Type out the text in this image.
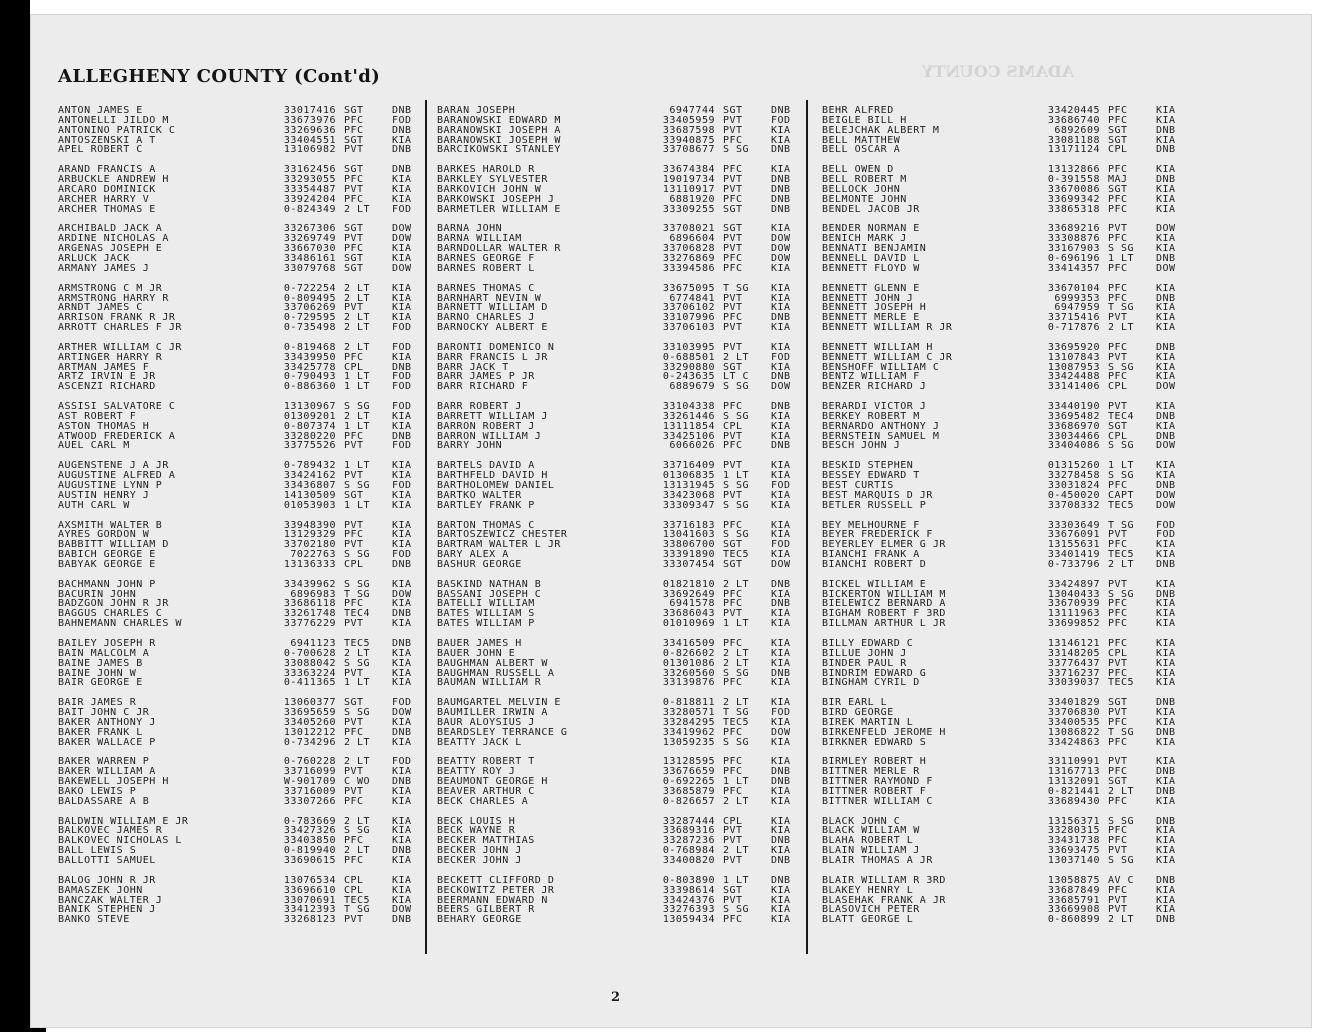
ALLEGHENY COUNTY (Cont'd)	ADAMS COUNTY
ANTON JAMES E	33017416 SGT	DNB
ANTONELLI JILDO M	33673976 PFC	FOD
ANTONINO PATRICK C	33269636 PFC	DNB
ANTOSZENSKI A T	33404551 SGT	KIA
APEL ROBERT C	13106982 PVT	DNB
ARAND FRANCIS A	33162456 SGT	DNB
ARBUCKLE ANDREW H	33293055 PFC	KIA
ARCARO DOMINICK	33354487 PVT	KIA
ARCHER HARRY V	33924204 PFC	KIA
ARCHER THOMAS E	0-824349 2 LT	FOD
ARCHIBALD JACK A	33267306 SGT	DOW
ARDINE NICHOLAS A	33269749 PVT	DOW
ARGENAS JOSEPH E	33667030 PFC	KIA
ARLUCK JACK	33486161 SGT	KIA
ARMANY JAMES J	33079768 SGT	DOW
ARMSTRONG C M JR	0-722254 2 LT	KIA
ARMSTRONG HARRY R	0-809495 2 LT	KIA
ARNDT JAMES C	33706269 PVT	KIA
ARRISON FRANK R JR	0-729595 2 LT	KIA
ARROTT CHARLES F JR	0-735498 2 LT	FOD
ARTHER WILLIAM C JR	0-819468 2 LT	FOD
ARTINGER HARRY R	33439950 PFC	KIA
ARTMAN JAMES F	33425778 CPL	DNB
ARTZ IRVIN E JR	0-790493 1 LT	FOD
ASCENZI RICHARD	0-886360 1 LT	FOD
ASSISI SALVATORE C	13130967 S SG	FOD
AST ROBERT F	01309201 2 LT	KIA
ASTON THOMAS H	0-807374 1 LT	KIA
ATWOOD FREDERICK A	33280220 PFC	DNB
AUEL CARL M	33775526 PVT	FOD
AUGENSTENE J A JR	0-789432 1 LT	KIA
AUGUSTINE ALFRED A	33424162 PVT	KIA
AUGUSTINE LYNN P	33436807 S SG	FOD
AUSTIN HENRY J	14130509 SGT	KIA
AUTH CARL W	01053903 1 LT	KIA
AXSMITH WALTER B	33948390 PVT	KIA
AYRES GORDON W	13129329 PFC	KIA
BABBITT WILLIAM D	33702180 PVT	KIA
BABICH GEORGE E	7022763 S SG	FOD
BABYAK GEORGE E	13136333 CPL	DNB
BACHMANN JOHN P	33439962 S SG	KIA
BACURIN JOHN	6896983 T SG	DOW
BADZGON JOHN R JR	33686118 PFC	KIA
BAGGUS CHARLES C	33261748 TEC4	DNB
BAHNEMANN CHARLES W	33776229 PVT	KIA
BAILEY JOSEPH R	6941123 TEC5	DNB
BAIN MALCOLM A	0-700628 2 LT	KIA
BAINE JAMES B	33088042 S SG	KIA
BAINE JOHN W	33363224 PVT	KIA
BAIR GEORGE E	0-411365 1 LT	KIA
BAIR JAMES R	13060377 SGT	FOD
BAIT JOHN C JR	33695659 S SG	DOW
BAKER ANTHONY J	33405260 PVT	KIA
BAKER FRANK L	13012212 PFC	DNB
BAKER WALLACE P	0-734296 2 LT	KIA
BAKER WARREN P	0-760228 2 LT	FOD
BAKER WILLIAM A	33716099 PVT	KIA
BAKEWELL JOSEPH H	W-901709 C WO	DNB
BAKO LEWIS P	33716009 PVT	KIA
BALDASSARE A B	33307266 PFC	KIA
BALDWIN WILLIAM E JR	0-783669 2 LT	KIA
BALKOVEC JAMES R	33427326 S SG	KIA
BALKOVEC NICHOLAS L	33403850 PFC	KIA
BALL LEWIS S	0-819940 2 LT	DNB
BALLOTTI SAMUEL	33690615 PFC	KIA
BALOG JOHN R JR	13076534 CPL	KIA
BAMASZEK JOHN	33696610 CPL	KIA
BANCZAK WALTER J	33070691 TEC5	KIA
BANIK STEPHEN J	33412393 T SG	DOW
BANKO STEVE	33268123 PVT	DNB
BARAN JOSEPH	6947744 SGT	DNB
BARANOWSKI EDWARD M	33405959 PVT	FOD
BARANOWSKI JOSEPH A	33687598 PVT	KIA
BARANOWSKI JOSEPH W	33940875 PFC	KIA
BARCIKOWSKI STANLEY	33708677 S SG	DNB
BARKES HAROLD R	33674384 PFC	KIA
BARKLEY SYLVESTER	19019734 PVT	DNB
BARKOVICH JOHN W	13110917 PVT	DNB
BARKOWSKI JOSEPH J	6881920 PFC	DNB
BARMETLER WILLIAM E	33309255 SGT	DNB
BARNA JOHN	33708021 SGT	KIA
BARNA WILLIAM	6896604 PVT	DOW
BARNDOLLAR WALTER R	33706828 PVT	DOW
BARNES GEORGE F	33276869 PFC	DOW
BARNES ROBERT L	33394586 PFC	KIA
BARNES THOMAS C	33675095 T SG	KIA
BARNHART NEVIN W	6774841 PVT	KIA
BARNETT WILLIAM D	33706102 PVT	KIA
BARNO CHARLES J	33107996 PFC	DNB
BARNOCKY ALBERT E	33706103 PVT	KIA
BARONTI DOMENICO N	33103995 PVT	KIA
BARR FRANCIS L JR	0-688501 2 LT	FOD
BARR JACK T	33290880 SGT	KIA
BARR JAMES P JR	0-243635 LT C	DNB
BARR RICHARD F	6889679 S SG	DOW
BARR ROBERT J	33104338 PFC	DNB
BARRETT WILLIAM J	33261446 S SG	KIA
BARRON ROBERT J	13111854 CPL	KIA
BARRON WILLIAM J	33425106 PVT	KIA
BARRY JOHN	6066026 PFC	DNB
BARTELS DAVID A	33716409 PVT	KIA
BARTHFELD DAVID H	01306835 1 LT	KIA
BARTHOLOMEW DANIEL	13131945 S SG	FOD
BARTKO WALTER	33423068 PVT	KIA
BARTLEY FRANK P	33309347 S SG	KIA
BARTON THOMAS C	33716183 PFC	KIA
BARTOSZEWICZ CHESTER	13041603 S SG	KIA
BARTRAM WALTER L JR	33806700 SGT	FOD
BARY ALEX A	33391890 TEC5	KIA
BASHUR GEORGE	33307454 SGT	DOW
BASKIND NATHAN B	01821810 2 LT	DNB
BASSANI JOSEPH C	33692649 PFC	KIA
BATELLI WILLIAM	6941578 PFC	DNB
BATES WILLIAM S	33686043 PVT	KIA
BATES WILLIAM P	01010969 1 LT	KIA
BAUER JAMES H	33416509 PFC	KIA
BAUER JOHN E	0-826602 2 LT	KIA
BAUGHMAN ALBERT W	01301086 2 LT	KIA
BAUGHMAN RUSSELL A	33260560 S SG	DNB
BAUMAN WILLIAM R	33139876 PFC	KIA
BAUMGARTEL MELVIN E	0-818811 2 LT	KIA
BAUMILLER IRWIN A	33280571 T SG	FOD
BAUR ALOYSIUS J	33284295 TEC5	KIA
BEARDSLEY TERRANCE G	33419962 PFC	DOW
BEATTY JACK L	13059235 S SG	KIA
BEATTY ROBERT T	13128595 PFC	KIA
BEATTY ROY J	33676659 PFC	DNB
BEAUMONT GEORGE H	0-692265 1 LT	DNB
BEAVER ARTHUR C	33685879 PFC	KIA
BECK CHARLES A	0-826657 2 LT	KIA
BECK LOUIS H	33287444 CPL	KIA
BECK WAYNE R	33689316 PVT	KIA
BECKER MATTHIAS	33287236 PVT	DNB
BECKER JOHN J	0-768984 2 LT	KIA
BECKER JOHN J	33400820 PVT	DNB
BECKETT CLIFFORD D	0-803890 1 LT	DNB
BECKOWITZ PETER JR	33398614 SGT	KIA
BEERMANN EDWARD N	33424376 PVT	KIA
BEERS GILBERT R	33276393 S SG	KIA
BEHARY GEORGE	13059434 PFC	KIA
BEHR ALFRED	33420445 PFC	KIA
BEIGLE BILL H	33686740 PFC	KIA
BELEJCHAK ALBERT M	6892609 SGT	DNB
BELL MATTHEW	33081188 SGT	KIA
BELL OSCAR A	13171124 CPL	DNB
BELL OWEN D	13132866 PFC	KIA
BELL ROBERT M	0-391558 MAJ	DNB
BELLOCK JOHN	33670086 SGT	KIA
BELMONTE JOHN	33699342 PFC	KIA
BENDEL JACOB JR	33865318 PFC	KIA
BENDER NORMAN E	33689216 PVT	DOW
BENICH MARK J	33308876 PFC	KIA
BENNATI BENJAMIN	33167903 S SG	KIA
BENNELL DAVID L	0-696196 1 LT	DNB
BENNETT FLOYD W	33414357 PFC	DOW
BENNETT GLENN E	33670104 PFC	KIA
BENNETT JOHN J	6999353 PFC	DNB
BENNETT JOSEPH H	6947959 T SG	KIA
BENNETT MERLE E	33715416 PVT	KIA
BENNETT WILLIAM R JR	0-717876 2 LT	KIA
BENNETT WILLIAM H	33695920 PFC	DNB
BENNETT WILLIAM C JR	13107843 PVT	KIA
BENSHOFF WILLIAM C	13087953 S SG	KIA
BENTZ WILLIAM F	33424488 PFC	KIA
BENZER RICHARD J	33141406 CPL	DOW
BERARDI VICTOR J	33440190 PVT	KIA
BERKEY ROBERT M	33695482 TEC4	DNB
BERNARDO ANTHONY J	33686970 SGT	KIA
BERNSTEIN SAMUEL M	33034466 CPL	DNB
BESCH JOHN J	33404086 S SG	DOW
BESKID STEPHEN	01315260 1 LT	KIA
BESSEY EDWARD T	33278458 S SG	KIA
BEST CURTIS	33031824 PFC	DNB
BEST MARQUIS D JR	0-450020 CAPT	DOW
BETLER RUSSELL P	33708332 TEC5	DOW
BEY MELHOURNE F	33303649 T SG	FOD
BEYER FREDERICK F	33676091 PVT	FOD
BEYERLEY ELMER G JR	13155631 PFC	KIA
BIANCHI FRANK A	33401419 TEC5	KIA
BIANCHI ROBERT D	0-733796 2 LT	DNB
BICKEL WILLIAM E	33424897 PVT	KIA
BICKERTON WILLIAM M	13040433 S SG	DNB
BIELEWICZ BERNARD A	33670939 PFC	KIA
BIGHAM ROBERT F 3RD	13111963 PFC	KIA
BILLMAN ARTHUR L JR	33699852 PFC	KIA
BILLY EDWARD C	13146121 PFC	KIA
BILLUE JOHN J	33148205 CPL	KIA
BINDER PAUL R	33776437 PVT	KIA
BINDRIM EDWARD G	33716237 PFC	KIA
BINGHAM CYRIL D	33039037 TEC5	KIA
BIR EARL L	33401829 SGT	DNB
BIRD GEORGE	33706830 PVT	KIA
BIREK MARTIN L	33400535 PFC	KIA
BIRKENFELD JEROME H	13086822 T SG	DNB
BIRKNER EDWARD S	33424863 PFC	KIA
BIRMLEY ROBERT H	33110991 PVT	KIA
BITTNER MERLE R	13167713 PFC	DNB
BITTNER RAYMOND F	13132091 SGT	KIA
BITTNER ROBERT F	0-821441 2 LT	DNB
BITTNER WILLIAM C	33689430 PFC	KIA
BLACK JOHN C	13156371 S SG	DNB
BLACK WILLIAM W	33280315 PFC	KIA
BLAHA ROBERT L	33431738 PFC	KIA
BLAIN WILLIAM J	33693475 PVT	KIA
BLAIR THOMAS A JR	13037140 S SG	KIA
BLAIR WILLIAM R 3RD	13058875 AV C	DNB
BLAKEY HENRY L	33687849 PFC	KIA
BLASEHAK FRANK A JR	33685791 PVT	KIA
BLASOVICH PETER	33669908 PVT	KIA
BLATT GEORGE L	0-860899 2 LT	DNB
2
